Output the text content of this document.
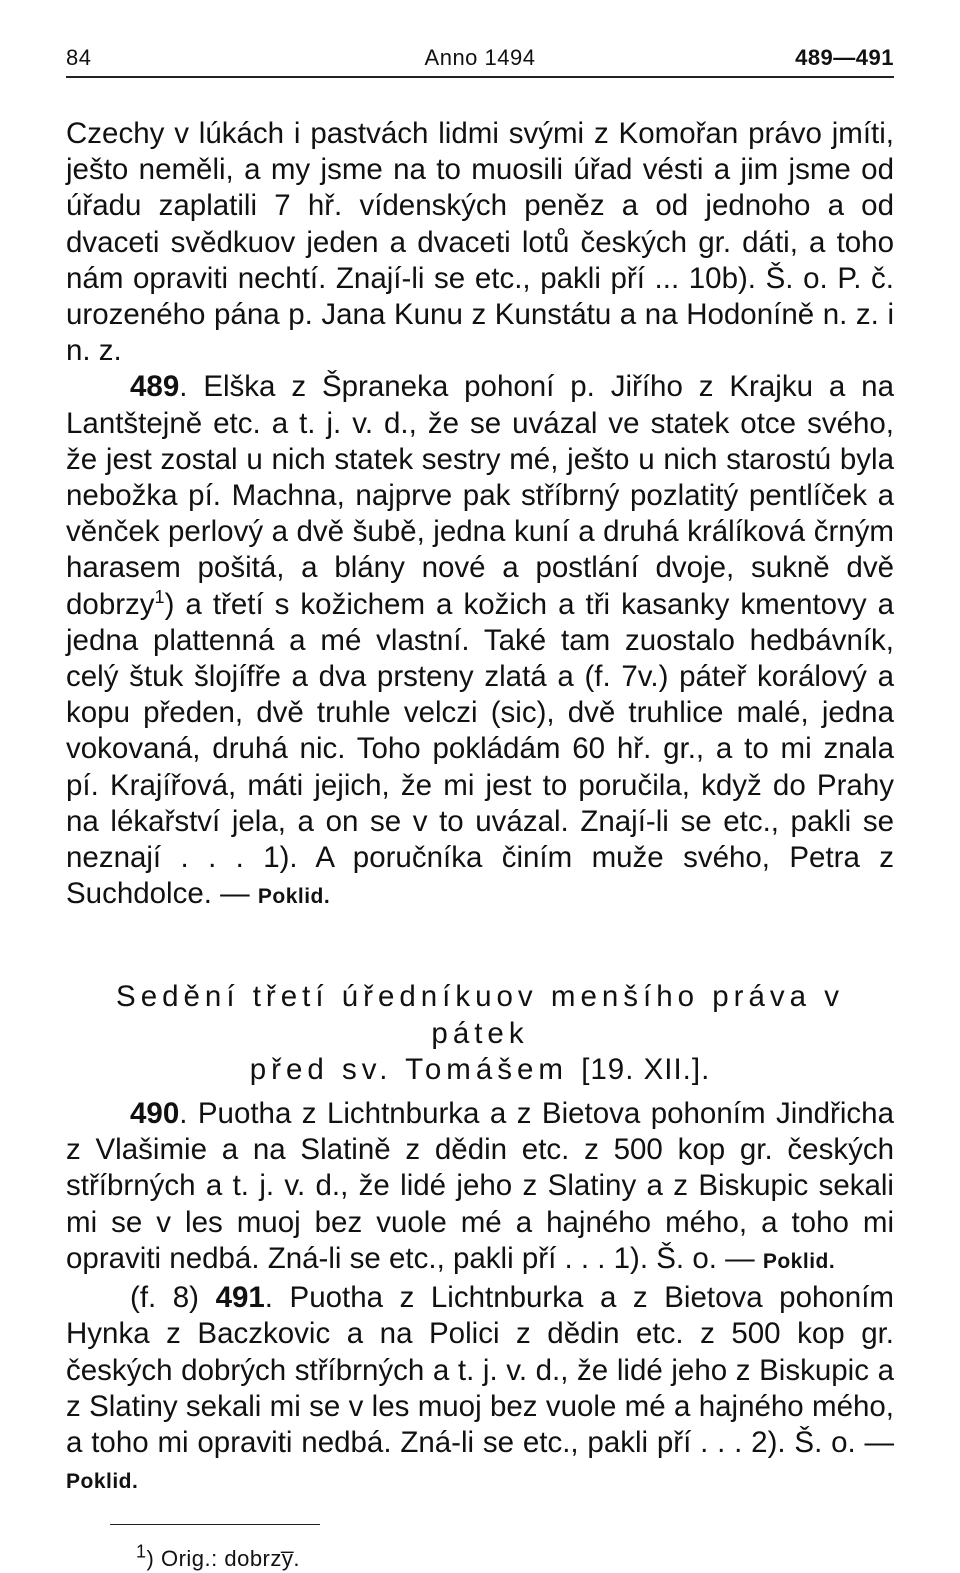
84	Anno 1494	489—491

Czechy v lúkách i pastvách lidmi svými z Komořan právo jmíti, ješto neměli, a my jsme na to muosili úřad vésti a jim jsme od úřadu zaplatili 7 hř. vídenských peněz a od jednoho a od dvaceti svědkuov jeden a dvaceti lotů českých gr. dáti, a toho nám opraviti nechtí. Znají-li se etc., pakli pří ... 10b). Š. o. P. č. urozeného pána p. Jana Kunu z Kunstátu a na Hodoníně n. z. i n. z.

489. Elška z Špraneka pohoní p. Jiřího z Krajku a na Lantštejně etc. a t. j. v. d., že se uvázal ve statek otce svého, že jest zostal u nich statek sestry mé, ješto u nich starostú byla nebožka pí. Machna, najprve pak stříbrný pozlatitý pentlíček a věnček perlový a dvě šubě, jedna kuní a druhá králíková črným harasem pošitá, a blány nové a postlání dvoje, sukně dvě dobrzy$^1$) a třetí s kožichem a kožich a tři kasanky kmentovy a jedna plattenná a mé vlastní. Také tam zuostalo hedbávník, celý štuk šlojífře a dva prsteny zlatá a (f. 7v.) páteř korálový a kopu předen, dvě truhle velczi (sic), dvě truhlice malé, jedna vokovaná, druhá nic. Toho pokládám 60 hř. gr., a to mi znala pí. Krajířová, máti jejich, že mi jest to poručila, když do Prahy na lékařství jela, a on se v to uvázal. Znají-li se etc., pakli se neznají . . . 1). A poručníka činím muže svého, Petra z Suchdolce. — Poklid.

Sedění třetí úředníkuov menšího práva v pátek
před sv. Tomášem [19. XII.].

490. Puotha z Lichtnburka a z Bietova pohoním Jindřicha z Vlašimie a na Slatině z dědin etc. z 500 kop gr. českých stříbrných a t. j. v. d., že lidé jeho z Slatiny a z Biskupic sekali mi se v les muoj bez vuole mé a hajného mého, a toho mi opraviti nedbá. Zná-li se etc., pakli pří . . . 1). Š. o. — Poklid.

(f. 8) 491. Puotha z Lichtnburka a z Bietova pohoním Hynka z Baczkovic a na Polici z dědin etc. z 500 kop gr. českých dobrých stříbrných a t. j. v. d., že lidé jeho z Biskupic a z Slatiny sekali mi se v les muoj bez vuole mé a hajného mého, a toho mi opraviti nedbá. Zná-li se etc., pakli pří . . . 2). Š. o. — Poklid.

$^1$) Orig.: dobrzy̅.
